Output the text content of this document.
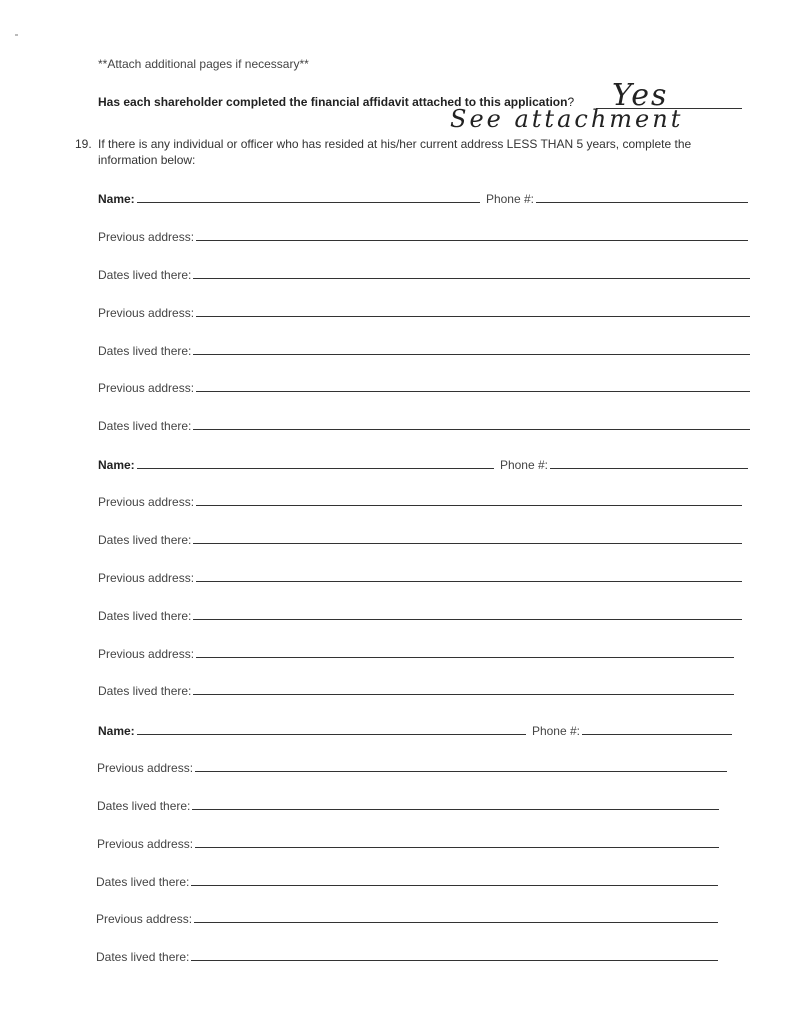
**Attach additional pages if necessary**
Has each shareholder completed the financial affidavit attached to this application?	Yes
See attachment
19. If there is any individual or officer who has resided at his/her current address LESS THAN 5 years, complete the information below:
Name:	Phone #:
Previous address:
Dates lived there:
Previous address:
Dates lived there:
Previous address:
Dates lived there:
Name:	Phone #:
Previous address:
Dates lived there:
Previous address:
Dates lived there:
Previous address:
Dates lived there:
Name:	Phone #:
Previous address:
Dates lived there:
Previous address:
Dates lived there:
Previous address:
Dates lived there:
